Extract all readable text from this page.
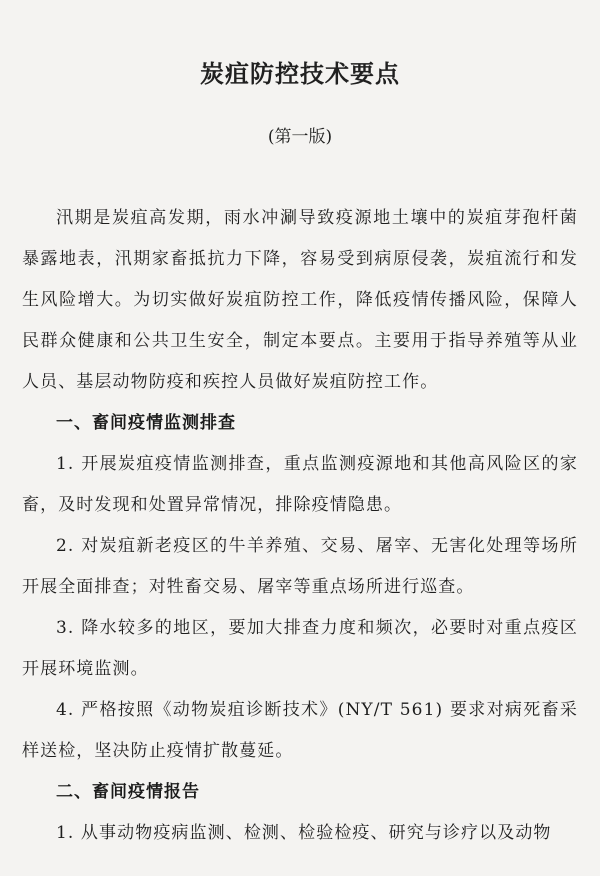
炭疽防控技术要点
(第一版)

汛期是炭疽高发期，雨水冲涮导致疫源地土壤中的炭疽芽孢杆菌暴露地表，汛期家畜抵抗力下降，容易受到病原侵袭，炭疽流行和发生风险增大。为切实做好炭疽防控工作，降低疫情传播风险，保障人民群众健康和公共卫生安全，制定本要点。主要用于指导养殖等从业人员、基层动物防疫和疾控人员做好炭疽防控工作。

一、畜间疫情监测排查

1. 开展炭疽疫情监测排查，重点监测疫源地和其他高风险区的家畜，及时发现和处置异常情况，排除疫情隐患。

2. 对炭疽新老疫区的牛羊养殖、交易、屠宰、无害化处理等场所开展全面排查；对牲畜交易、屠宰等重点场所进行巡查。

3. 降水较多的地区，要加大排查力度和频次，必要时对重点疫区开展环境监测。

4. 严格按照《动物炭疽诊断技术》(NY/T 561) 要求对病死畜采样送检，坚决防止疫情扩散蔓延。

二、畜间疫情报告

1. 从事动物疫病监测、检测、检验检疫、研究与诊疗以及动物
